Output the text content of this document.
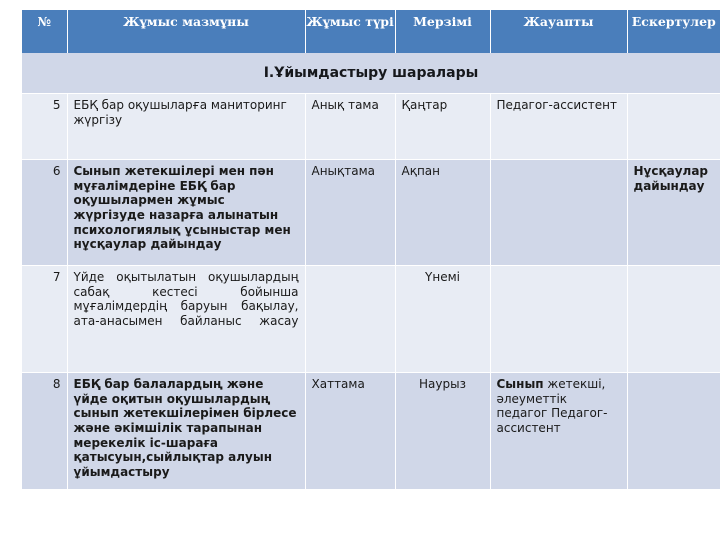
№	Жұмыс мазмұны	Жұмыс түрі	Мерзімі	Жауапты	Ескертулер
I.Ұйымдастыру шаралары					
5	ЕБҚ бар оқушыларға маниторинг жүргізу	Анық тама	Қаңтар	Педагог-ассистент	
6	Сынып жетекшілері мен пән мұғалімдеріне ЕБҚ бар оқушылармен жұмыс жүргізуде назарға алынатын психологиялық ұсыныстар мен нұсқаулар дайындау	Анықтама	Ақпан		Нұсқаулар дайындау
7	Үйде оқытылатын оқушылардың сабақ кестесі бойынша мұғалімдердің баруын бақылау, ата-анасымен байланыс жасау		Үнемі		
8	ЕБҚ бар балалардың және үйде оқитын оқушылардың сынып жетекшілерімен бірлесе және әкімшілік тарапынан мерекелік іс-шараға қатысуын,сыйлықтар алуын ұйымдастыру	Хаттама	Наурыз	Сынып жетекші, әлеуметтік педагог Педагог-ассистент	
